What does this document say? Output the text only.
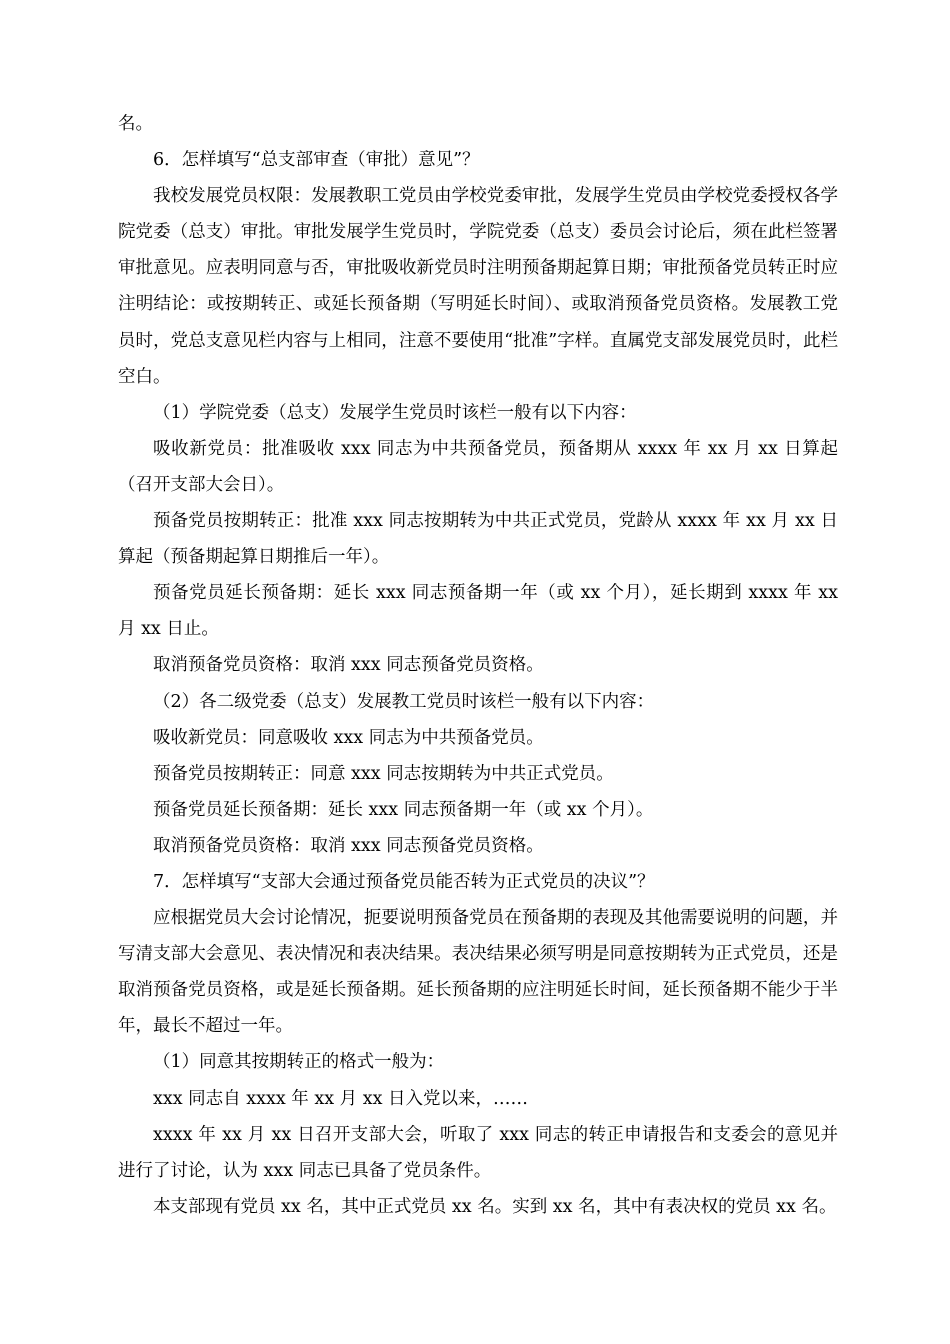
名。

6．怎样填写“总支部审查（审批）意见”？

我校发展党员权限：发展教职工党员由学校党委审批，发展学生党员由学校党委授权各学院党委（总支）审批。审批发展学生党员时，学院党委（总支）委员会讨论后，须在此栏签署审批意见。应表明同意与否，审批吸收新党员时注明预备期起算日期；审批预备党员转正时应注明结论：或按期转正、或延长预备期（写明延长时间）、或取消预备党员资格。发展教工党员时，党总支意见栏内容与上相同，注意不要使用“批准”字样。直属党支部发展党员时，此栏空白。

（1）学院党委（总支）发展学生党员时该栏一般有以下内容：

吸收新党员：批准吸收 xxx 同志为中共预备党员，预备期从 xxxx 年 xx 月 xx 日算起（召开支部大会日）。

预备党员按期转正：批准 xxx 同志按期转为中共正式党员，党龄从 xxxx 年 xx 月 xx 日算起（预备期起算日期推后一年）。

预备党员延长预备期：延长 xxx 同志预备期一年（或 xx 个月），延长期到 xxxx 年 xx 月 xx 日止。

取消预备党员资格：取消 xxx 同志预备党员资格。

（2）各二级党委（总支）发展教工党员时该栏一般有以下内容：

吸收新党员：同意吸收 xxx 同志为中共预备党员。

预备党员按期转正：同意 xxx 同志按期转为中共正式党员。

预备党员延长预备期：延长 xxx 同志预备期一年（或 xx 个月）。

取消预备党员资格：取消 xxx 同志预备党员资格。

7．怎样填写“支部大会通过预备党员能否转为正式党员的决议”？

应根据党员大会讨论情况，扼要说明预备党员在预备期的表现及其他需要说明的问题，并写清支部大会意见、表决情况和表决结果。表决结果必须写明是同意按期转为正式党员，还是取消预备党员资格，或是延长预备期。延长预备期的应注明延长时间，延长预备期不能少于半年，最长不超过一年。

（1）同意其按期转正的格式一般为：

xxx 同志自 xxxx 年 xx 月 xx 日入党以来，……

xxxx 年 xx 月 xx 日召开支部大会，听取了 xxx 同志的转正申请报告和支委会的意见并进行了讨论，认为 xxx 同志已具备了党员条件。

本支部现有党员 xx 名，其中正式党员 xx 名。实到 xx 名，其中有表决权的党员 xx 名。
